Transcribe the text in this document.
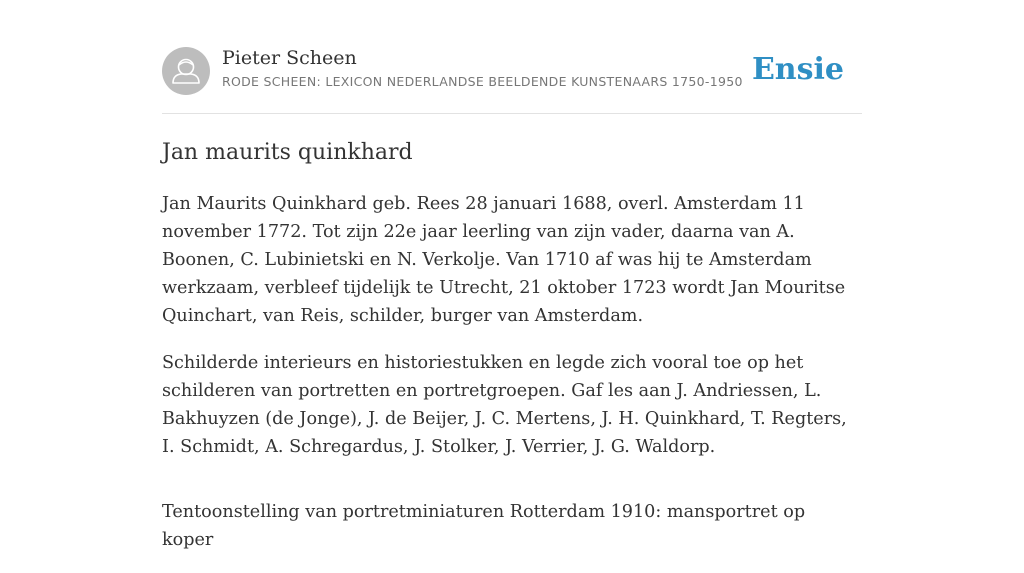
Pieter Scheen
RODE SCHEEN: LEXICON NEDERLANDSE BEELDENDE KUNSTENAARS 1750-1950 Ensie
Jan maurits quinkhard

Jan Maurits Quinkhard geb. Rees 28 januari 1688, overl. Amsterdam 11 november 1772. Tot zijn 22e jaar leerling van zijn vader, daarna van A. Boonen, C. Lubinietski en N. Verkolje. Van 1710 af was hij te Amsterdam werkzaam, verbleef tijdelijk te Utrecht, 21 oktober 1723 wordt Jan Mouritse Quinchart, van Reis, schilder, burger van Amsterdam.

Schilderde interieurs en historiestukken en legde zich vooral toe op het schilderen van portretten en portretgroepen. Gaf les aan J. Andriessen, L. Bakhuyzen (de Jonge), J. de Beijer, J. C. Mertens, J. H. Quinkhard, T. Regters, I. Schmidt, A. Schregardus, J. Stolker, J. Verrier, J. G. Waldorp.

Tentoonstelling van portretminiaturen Rotterdam 1910: mansportret op koper
